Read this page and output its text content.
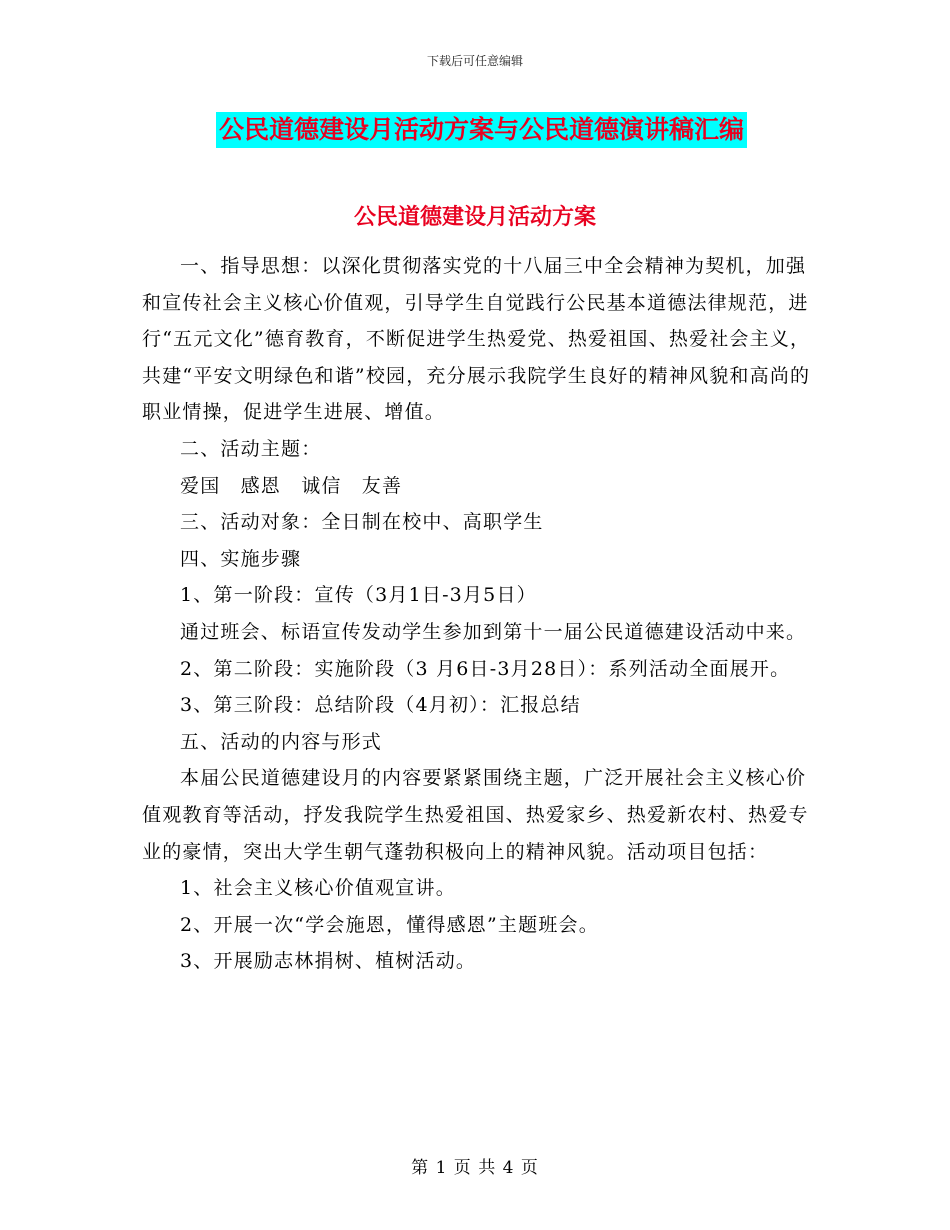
下载后可任意编辑
公民道德建设月活动方案与公民道德演讲稿汇编
公民道德建设月活动方案

一、指导思想：以深化贯彻落实党的十八届三中全会精神为契机，加强和宣传社会主义核心价值观，引导学生自觉践行公民基本道德法律规范，进行“五元文化”德育教育，不断促进学生热爱党、热爱祖国、热爱社会主义，共建“平安文明绿色和谐”校园，充分展示我院学生良好的精神风貌和高尚的职业情操，促进学生进展、增值。

二、活动主题：

爱国　感恩　诚信　友善

三、活动对象：全日制在校中、高职学生

四、实施步骤

1、第一阶段：宣传（3月1日-3月5日）

通过班会、标语宣传发动学生参加到第十一届公民道德建设活动中来。

2、第二阶段：实施阶段（3 月6日-3月28日）：系列活动全面展开。

3、第三阶段：总结阶段（4月初）：汇报总结

五、活动的内容与形式

本届公民道德建设月的内容要紧紧围绕主题，广泛开展社会主义核心价值观教育等活动，抒发我院学生热爱祖国、热爱家乡、热爱新农村、热爱专业的豪情，突出大学生朝气蓬勃积极向上的精神风貌。活动项目包括：

1、社会主义核心价值观宣讲。

2、开展一次“学会施恩，懂得感恩”主题班会。

3、开展励志林捐树、植树活动。

第 1 页 共 4 页
